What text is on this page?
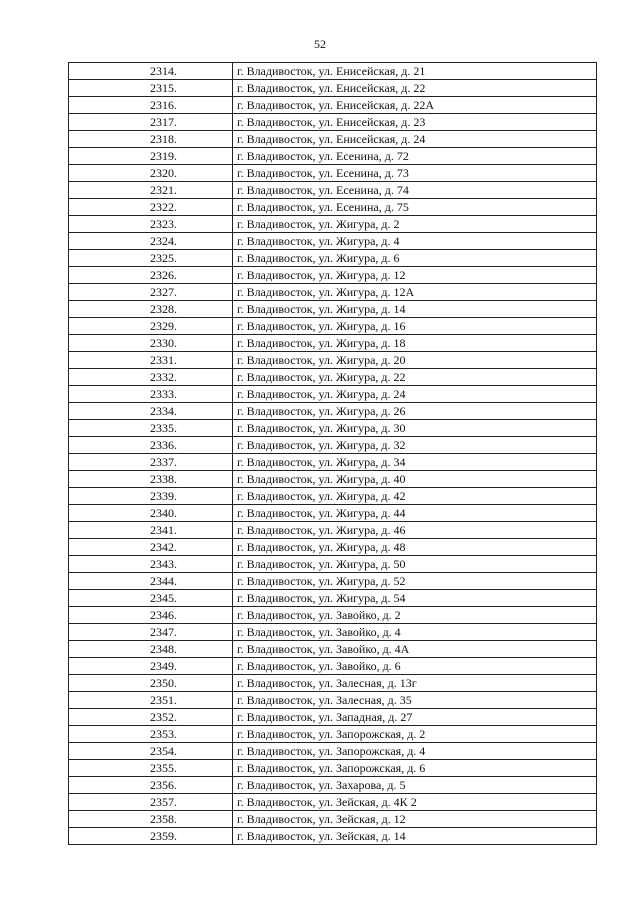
52
2314.	г. Владивосток, ул. Енисейская, д. 21
2315.	г. Владивосток, ул. Енисейская, д. 22
2316.	г. Владивосток, ул. Енисейская, д. 22А
2317.	г. Владивосток, ул. Енисейская, д. 23
2318.	г. Владивосток, ул. Енисейская, д. 24
2319.	г. Владивосток, ул. Есенина, д. 72
2320.	г. Владивосток, ул. Есенина, д. 73
2321.	г. Владивосток, ул. Есенина, д. 74
2322.	г. Владивосток, ул. Есенина, д. 75
2323.	г. Владивосток, ул. Жигура, д. 2
2324.	г. Владивосток, ул. Жигура, д. 4
2325.	г. Владивосток, ул. Жигура, д. 6
2326.	г. Владивосток, ул. Жигура, д. 12
2327.	г. Владивосток, ул. Жигура, д. 12А
2328.	г. Владивосток, ул. Жигура, д. 14
2329.	г. Владивосток, ул. Жигура, д. 16
2330.	г. Владивосток, ул. Жигура, д. 18
2331.	г. Владивосток, ул. Жигура, д. 20
2332.	г. Владивосток, ул. Жигура, д. 22
2333.	г. Владивосток, ул. Жигура, д. 24
2334.	г. Владивосток, ул. Жигура, д. 26
2335.	г. Владивосток, ул. Жигура, д. 30
2336.	г. Владивосток, ул. Жигура, д. 32
2337.	г. Владивосток, ул. Жигура, д. 34
2338.	г. Владивосток, ул. Жигура, д. 40
2339.	г. Владивосток, ул. Жигура, д. 42
2340.	г. Владивосток, ул. Жигура, д. 44
2341.	г. Владивосток, ул. Жигура, д. 46
2342.	г. Владивосток, ул. Жигура, д. 48
2343.	г. Владивосток, ул. Жигура, д. 50
2344.	г. Владивосток, ул. Жигура, д. 52
2345.	г. Владивосток, ул. Жигура, д. 54
2346.	г. Владивосток, ул. Завойко, д. 2
2347.	г. Владивосток, ул. Завойко, д. 4
2348.	г. Владивосток, ул. Завойко, д. 4А
2349.	г. Владивосток, ул. Завойко, д. 6
2350.	г. Владивосток, ул. Залесная, д. 13г
2351.	г. Владивосток, ул. Залесная, д. 35
2352.	г. Владивосток, ул. Западная, д. 27
2353.	г. Владивосток, ул. Запорожская, д. 2
2354.	г. Владивосток, ул. Запорожская, д. 4
2355.	г. Владивосток, ул. Запорожская, д. 6
2356.	г. Владивосток, ул. Захарова, д. 5
2357.	г. Владивосток, ул. Зейская, д. 4К 2
2358.	г. Владивосток, ул. Зейская, д. 12
2359.	г. Владивосток, ул. Зейская, д. 14
